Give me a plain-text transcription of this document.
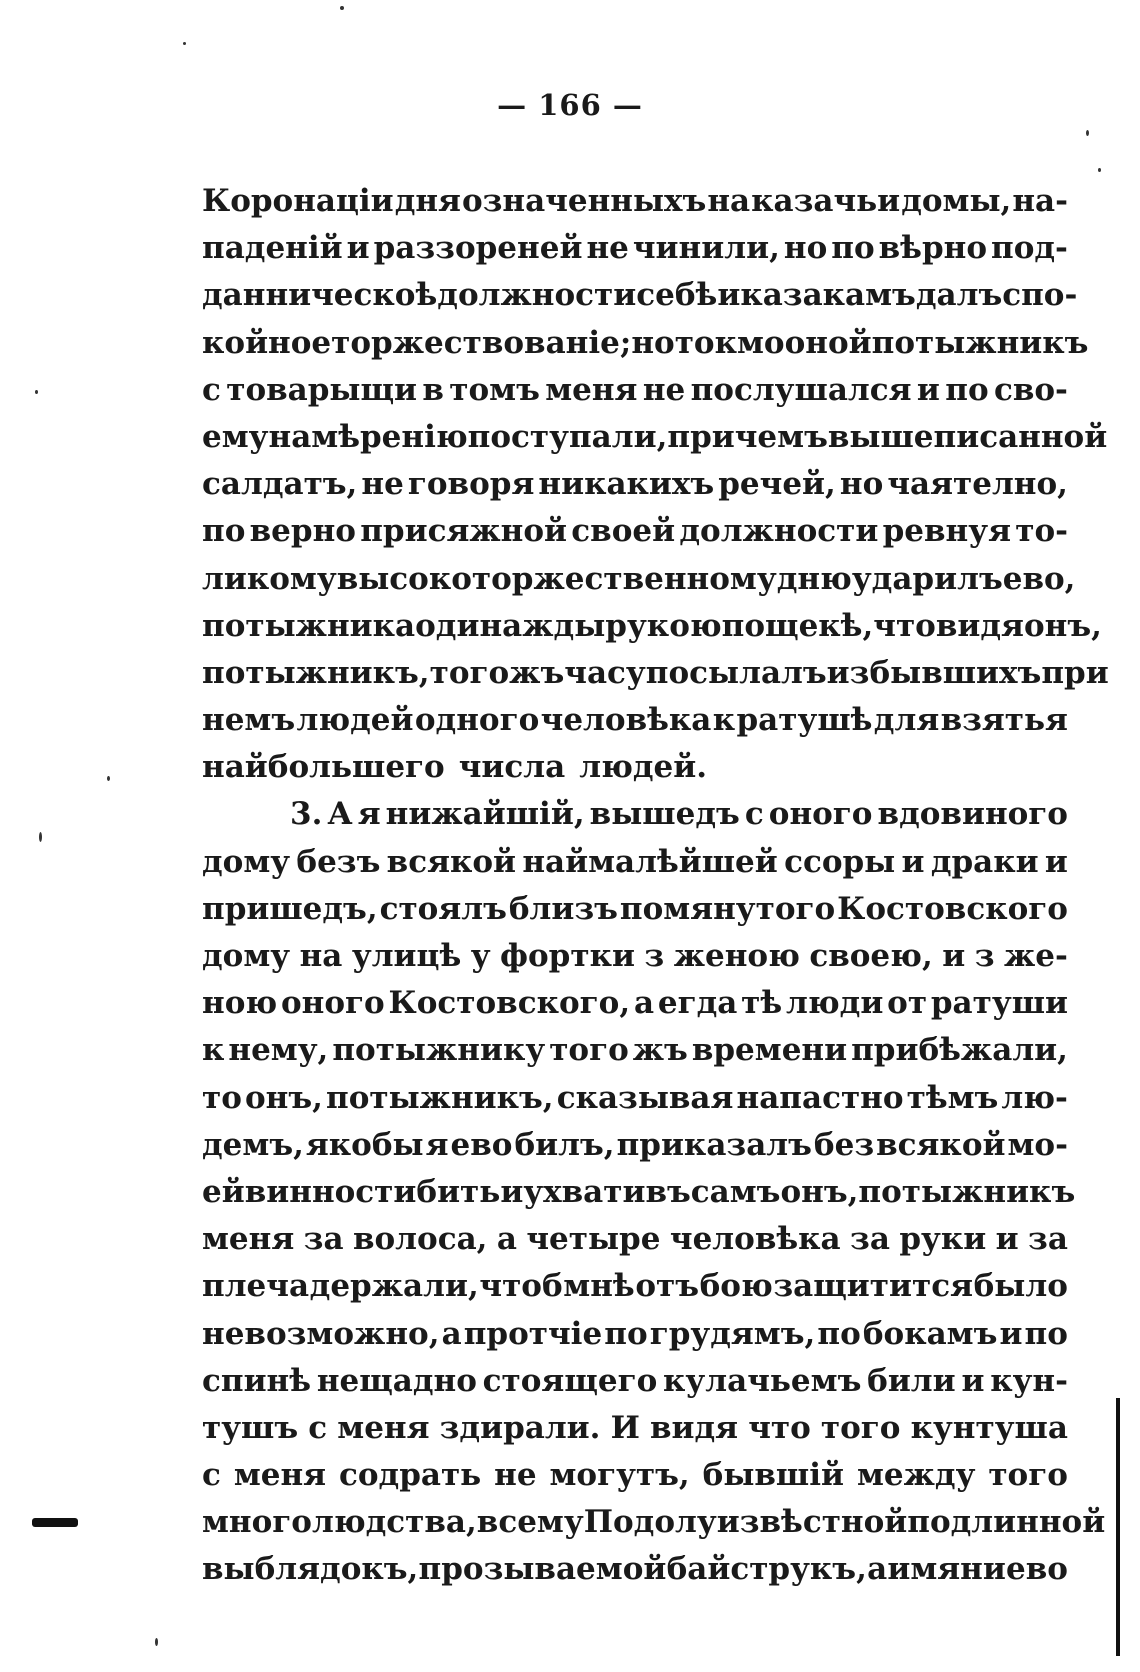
— 166 —
Коронаціи дня означенныхъ на казачьи домы, на-
паденій и раззореней не чинили, но по вѣрно под-
данническоѣ должности себѣ и казакамъ далъ спо-
койное торжествованіе; но токмо оной потыжникъ
с товарыщи в томъ меня не послушался и по сво-
ему намѣренію поступали, причемъ вышеписанной
салдатъ, не говоря никакихъ речей, но чаятелно,
по верно присяжной своей должности ревнуя то-
ликому высокоторжественному дню ударилъ ево,
потыжника одинажды рукою по щекѣ, что видя онъ,
потыжникъ, того жъ часу посылалъ из бывшихъ при
немъ людей одного человѣка к ратушѣ для взятья
найбольшего числа людей.
3. А я нижайшій, вышедъ с оного вдовиного
дому безъ всякой наймалѣйшей ссоры и драки и
пришедъ, стоялъ близъ помянутого Костовского
дому на улицѣ у фортки з женою своею, и з же-
ною оного Костовского, а егда тѣ люди от ратуши
к нему, потыжнику того жъ времени прибѣжали,
то онъ, потыжникъ, сказывая напастно тѣмъ лю-
демъ, якобы я ево билъ, приказалъ без всякой мо-
ей винности бить и ухвативъ самъ онъ, потыжникъ
меня за волоса, а четыре человѣка за руки и за
плеча держали, чтоб мнѣ отъ бою защитится было
невозможно, а протчіе по грудямъ, по бокамъ и по
спинѣ нещадно стоящего кулачьемъ били и кун-
тушъ с меня здирали. И видя что того кунтуша
с меня содрать не могутъ, бывшій между того
многолюдства, всему Подолу извѣстной подлинной
выблядокъ, прозываемой байструкъ, а имяни ево
